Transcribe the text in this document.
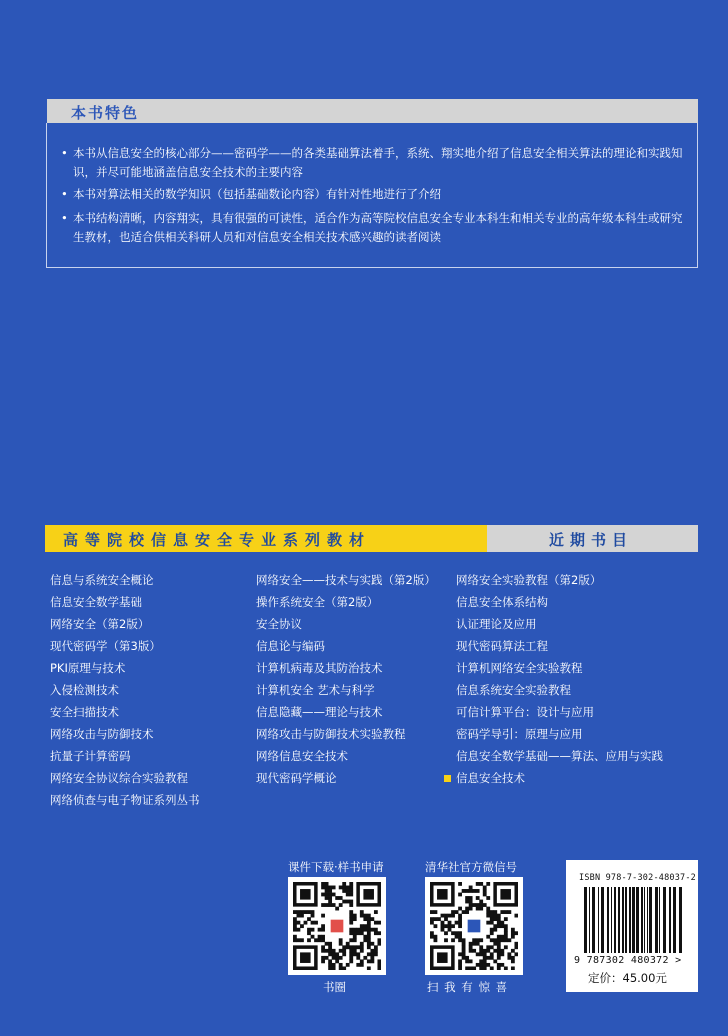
本书特色
• 本书从信息安全的核心部分——密码学——的各类基础算法着手，系统、翔实地介绍了信息安全相关算法的理论和实践知识，并尽可能地涵盖信息安全技术的主要内容
• 本书对算法相关的数学知识（包括基础数论内容）有针对性地进行了介绍
• 本书结构清晰，内容翔实，具有很强的可读性，适合作为高等院校信息安全专业本科生和相关专业的高年级本科生或研究生教材，也适合供相关科研人员和对信息安全相关技术感兴趣的读者阅读
高等院校信息安全专业系列教材	近期书目
信息与系统安全概论
信息安全数学基础
网络安全（第2版）
现代密码学（第3版）
PKI原理与技术
入侵检测技术
安全扫描技术
网络攻击与防御技术
抗量子计算密码
网络安全协议综合实验教程
网络侦查与电子物证系列丛书
网络安全——技术与实践（第2版）
操作系统安全（第2版）
安全协议
信息论与编码
计算机病毒及其防治技术
计算机安全 艺术与科学
信息隐藏——理论与技术
网络攻击与防御技术实验教程
网络信息安全技术
现代密码学概论
网络安全实验教程（第2版）
信息安全体系结构
认证理论及应用
现代密码算法工程
计算机网络安全实验教程
信息系统安全实验教程
可信计算平台：设计与应用
密码学导引：原理与应用
信息安全数学基础——算法、应用与实践
信息安全技术
课件下载·样书申请
书圈
清华社官方微信号
扫 我 有 惊 喜
ISBN 978-7-302-48037-2
9 787302 480372 >
定价：45.00元
